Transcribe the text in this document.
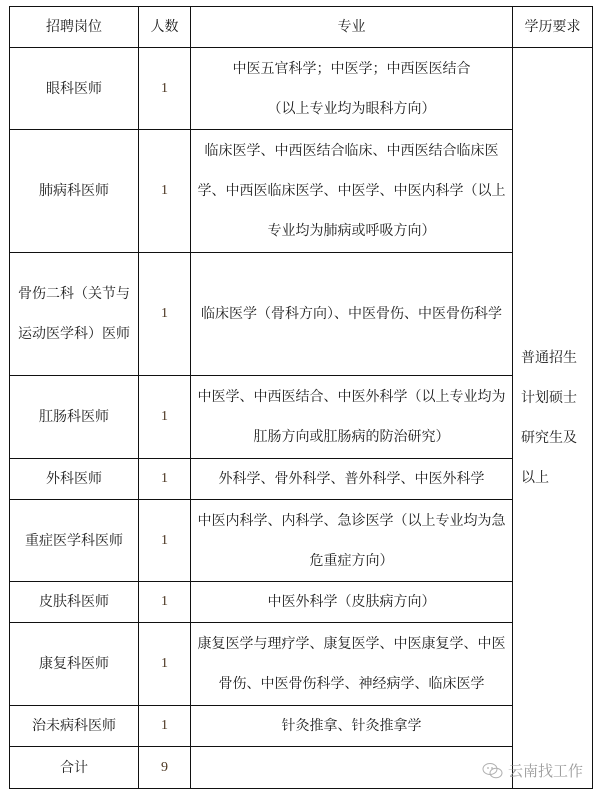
招聘岗位	人数	专业	学历要求
眼科医师	1	中医五官科学；中医学；中西医医结合（以上专业均为眼科方向）	普通招生计划硕士研究生及以上
肺病科医师	1	临床医学、中西医结合临床、中西医结合临床医学、中西医临床医学、中医学、中医内科学（以上专业均为肺病或呼吸方向）	
骨伤二科（关节与运动医学科）医师	1	临床医学（骨科方向）、中医骨伤、中医骨伤科学	
肛肠科医师	1	中医学、中西医结合、中医外科学（以上专业均为肛肠方向或肛肠病的防治研究）	
外科医师	1	外科学、骨外科学、普外科学、中医外科学	
重症医学科医师	1	中医内科学、内科学、急诊医学（以上专业均为急危重症方向）	
皮肤科医师	1	中医外科学（皮肤病方向）	
康复科医师	1	康复医学与理疗学、康复医学、中医康复学、中医骨伤、中医骨伤科学、神经病学、临床医学	
治未病科医师	1	针灸推拿、针灸推拿学	
合计	9			云南找工作
